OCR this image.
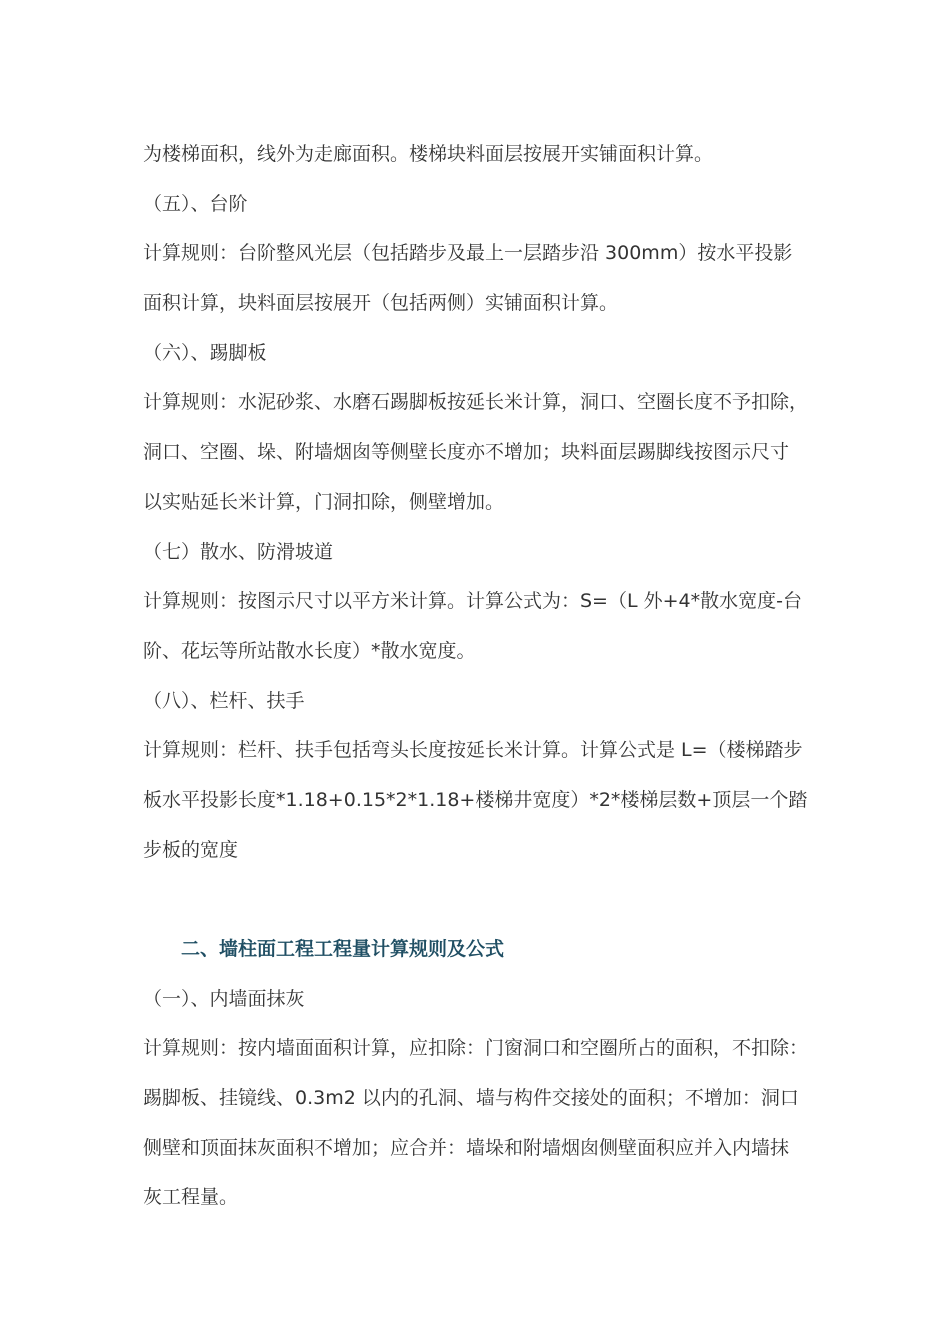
为楼梯面积，线外为走廊面积。楼梯块料面层按展开实铺面积计算。
（五）、台阶
计算规则：台阶整风光层（包括踏步及最上一层踏步沿 300mm）按水平投影
面积计算，块料面层按展开（包括两侧）实铺面积计算。
（六）、踢脚板
计算规则：水泥砂浆、水磨石踢脚板按延长米计算，洞口、空圈长度不予扣除，
洞口、空圈、垛、附墙烟囱等侧壁长度亦不增加；块料面层踢脚线按图示尺寸
以实贴延长米计算，门洞扣除，侧壁增加。
（七）散水、防滑坡道
计算规则：按图示尺寸以平方米计算。计算公式为：S=（L 外+4*散水宽度-台
阶、花坛等所站散水长度）*散水宽度。
（八）、栏杆、扶手
计算规则：栏杆、扶手包括弯头长度按延长米计算。计算公式是 L=（楼梯踏步
板水平投影长度*1.18+0.15*2*1.18+楼梯井宽度）*2*楼梯层数+顶层一个踏
步板的宽度
二、墙柱面工程工程量计算规则及公式
（一）、内墙面抹灰
计算规则：按内墙面面积计算，应扣除：门窗洞口和空圈所占的面积，不扣除：
踢脚板、挂镜线、0.3m2 以内的孔洞、墙与构件交接处的面积；不增加：洞口
侧壁和顶面抹灰面积不增加；应合并：墙垛和附墙烟囱侧壁面积应并入内墙抹
灰工程量。
